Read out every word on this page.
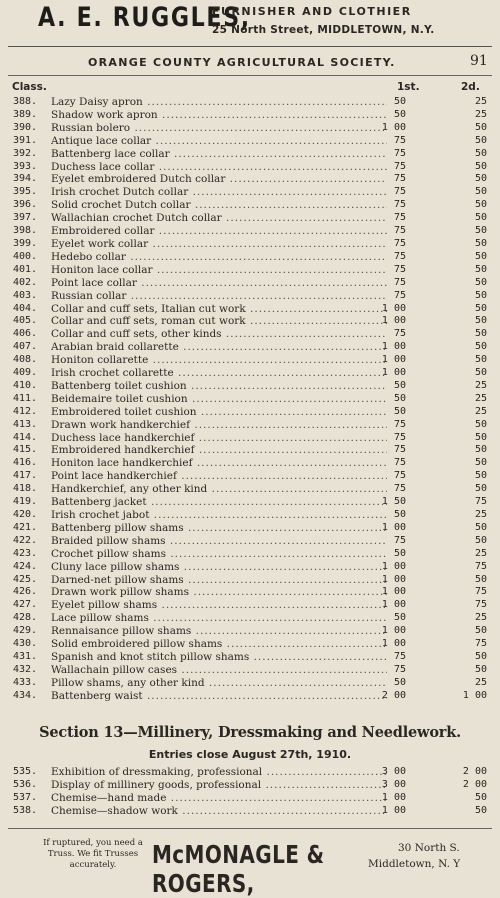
A. E. RUGGLES,
FURNISHER AND CLOTHIER
25 North Street, MIDDLETOWN, N.Y.
ORANGE COUNTY AGRICULTURAL SOCIETY.	91
Class.	1st.	2d.
388. Lazy Daisy apron .....	50	25
389. Shadow work apron .....	50	25
390. Russian bolero .....	1 00	50
391. Antique lace collar .....	75	50
392. Battenberg lace collar .....	75	50
393. Duchess lace collar .....	75	50
394. Eyelet embroidered Dutch collar .....	75	50
395. Irish crochet Dutch collar .....	75	50
396. Solid crochet Dutch collar .....	75	50
397. Wallachian crochet Dutch collar .....	75	50
398. Embroidered collar .....	75	50
399. Eyelet work collar .....	75	50
400. Hedebo collar .....	75	50
401. Honiton lace collar .....	75	50
402. Point lace collar .....	75	50
403. Russian collar .....	75	50
404. Collar and cuff sets, Italian cut work .....	1 00	50
405. Collar and cuff sets, roman cut work .....	1 00	50
406. Collar and cuff sets, other kinds .....	75	50
407. Arabian braid collarette .....	1 00	50
408. Honiton collarette .....	1 00	50
409. Irish crochet collarette .....	1 00	50
410. Battenberg toilet cushion .....	50	25
411. Beidemaire toilet cushion .....	50	25
412. Embroidered toilet cushion .....	50	25
413. Drawn work handkerchief .....	75	50
414. Duchess lace handkerchief .....	75	50
415. Embroidered handkerchief .....	75	50
416. Honiton lace handkerchief .....	75	50
417. Point lace handkerchief .....	75	50
418. Handkerchief, any other kind .....	75	50
419. Battenberg jacket .....	1 50	75
420. Irish crochet jabot .....	50	25
421. Battenberg pillow shams .....	1 00	50
422. Braided pillow shams .....	75	50
423. Crochet pillow shams .....	50	25
424. Cluny lace pillow shams .....	1 00	75
425. Darned-net pillow shams .....	1 00	50
426. Drawn work pillow shams .....	1 00	75
427. Eyelet pillow shams .....	1 00	75
428. Lace pillow shams .....	50	25
429. Rennaisance pillow shams .....	1 00	50
430. Solid embroidered pillow shams .....	1 00	75
431. Spanish and knot stitch pillow shams .....	75	50
432. Wallachain pillow cases .....	75	50
433. Pillow shams, any other kind .....	50	25
434. Battenberg waist .....	2 00	1 00
Section 13—Millinery, Dressmaking and Needlework.
Entries close August 27th, 1910.
535. Exhibition of dressmaking, professional .....	3 00	2 00
536. Display of millinery goods, professional .....	3 00	2 00
537. Chemise—hand made .....	1 00	50
538. Chemise—shadow work .....	1 00	50
If ruptured, you need a
Truss. We fit Trusses
accurately.	McMONAGLE & ROGERS,
30 North S.
Middletown, N. Y
